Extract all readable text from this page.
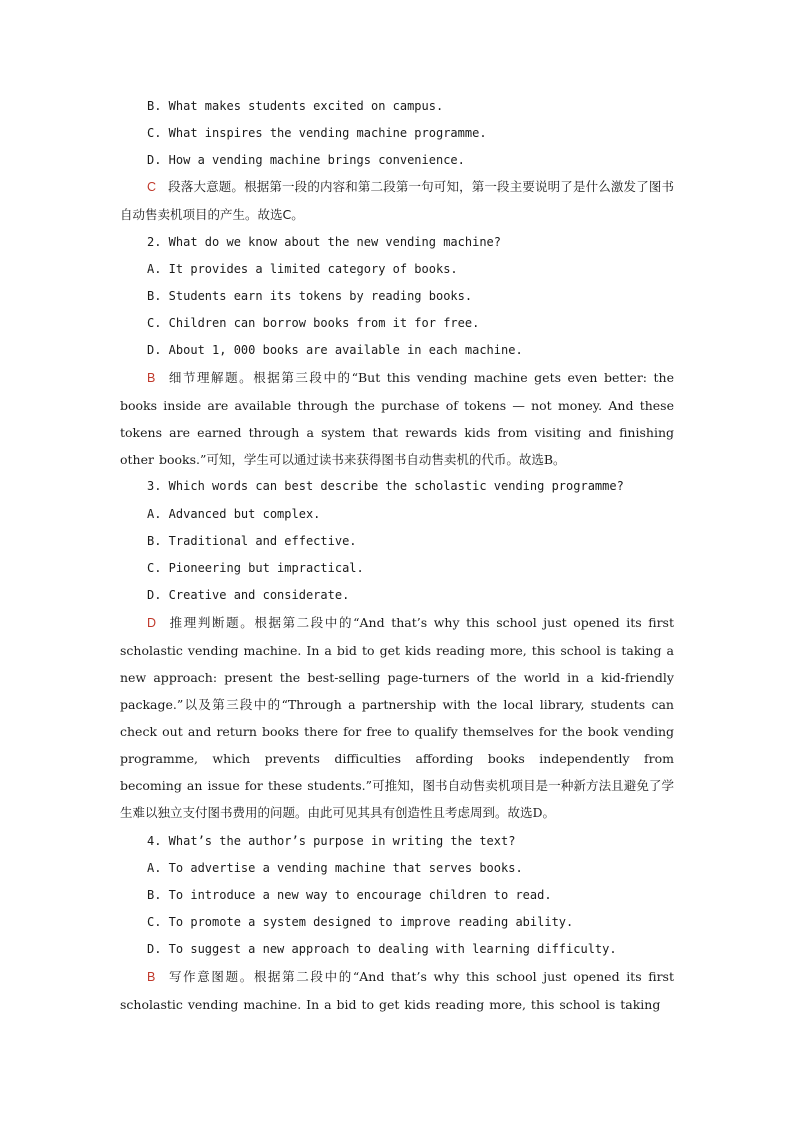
B. What makes students excited on campus.
C. What inspires the vending machine programme.
D. How a vending machine brings convenience.
C 段落大意题。根据第一段的内容和第二段第一句可知，第一段主要说明了是什么激发了图书自动售卖机项目的产生。故选C。
2. What do we know about the new vending machine?
A. It provides a limited category of books.
B. Students earn its tokens by reading books.
C. Children can borrow books from it for free.
D. About 1, 000 books are available in each machine.
B 细节理解题。根据第三段中的“But this vending machine gets even better: the books inside are available through the purchase of tokens — not money. And these tokens are earned through a system that rewards kids from visiting and finishing other books.”可知，学生可以通过读书来获得图书自动售卖机的代币。故选B。
3. Which words can best describe the scholastic vending programme?
A. Advanced but complex.
B. Traditional and effective.
C. Pioneering but impractical.
D. Creative and considerate.
D 推理判断题。根据第二段中的“And that’s why this school just opened its first scholastic vending machine. In a bid to get kids reading more, this school is taking a new approach: present the best-selling page-turners of the world in a kid-friendly package.”以及第三段中的“Through a partnership with the local library, students can check out and return books there for free to qualify themselves for the book vending programme, which prevents difficulties affording books independently from becoming an issue for these students.”可推知，图书自动售卖机项目是一种新方法且避免了学生难以独立支付图书费用的问题。由此可见其具有创造性且考虑周到。故选D。
4. What’s the author’s purpose in writing the text?
A. To advertise a vending machine that serves books.
B. To introduce a new way to encourage children to read.
C. To promote a system designed to improve reading ability.
D. To suggest a new approach to dealing with learning difficulty.
B 写作意图题。根据第二段中的“And that’s why this school just opened its first scholastic vending machine. In a bid to get kids reading more, this school is taking
